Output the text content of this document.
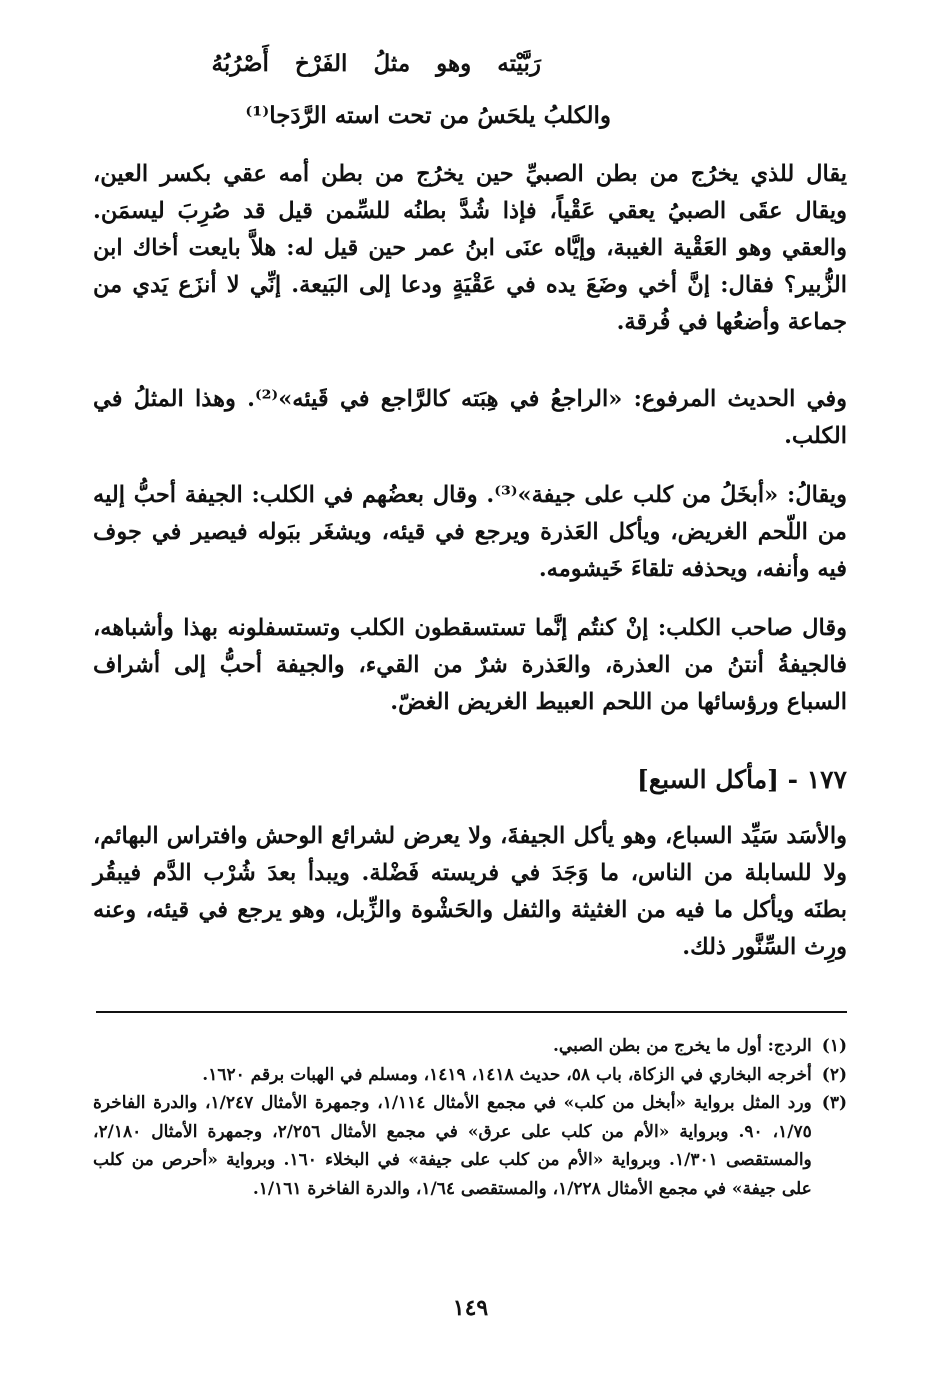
رَبَّيْته وهو مثلُ الفَرْخ أَصْرُبُهُ
والكلبُ يلحَسُ من تحت استه الرَّدَجا⁽¹⁾

يقال للذي يخرُج من بطن الصبيِّ حين يخرُج من بطن أمه عقي بكسر العين، ويقال عقَى الصبيُ يعقي عَقْياً، فإذا شُدَّ بطنُه للسِّمن قيل قد صُرِبَ ليسمَن. والعقي وهو العَقْية الغيبة، وإيَّاه عنَى ابنُ عمر حين قيل له: هلاَّ بايعت أخاك ابن الزُّبير؟ فقال: إنَّ أخي وضَعَ يده في عَقْيَةٍ ودعا إلى البَيعة. إنِّي لا أنزَع يَدي من جماعة وأضعُها في فُرقة.

وفي الحديث المرفوع: «الراجعُ في هِبَته كالرَّاجع في قَيئه»⁽²⁾. وهذا المثلُ في الكلب.

ويقالُ: «أبخَلُ من كلب على جيفة»⁽³⁾. وقال بعضُهم في الكلب: الجيفة أحبُّ إليه من اللّحم الغريض، ويأكل العَذرة ويرجع في قيئه، ويشغَر ببَوله فيصير في جوف فيه وأنفه، ويحذفه تلقاءَ خَيشومه.

وقال صاحب الكلب: إنْ كنتُم إنَّما تستسقطون الكلب وتستسفلونه بهذا وأشباهه، فالجيفةُ أنتنُ من العذرة، والعَذرة شرٌ من القيء، والجيفة أحبُّ إلى أشراف السباع ورؤسائها من اللحم العبيط الغريض الغضّ.

١٧٧ - [مأكل السبع]

والأسَد سَيِّد السباع، وهو يأكل الجيفةَ، ولا يعرض لشرائع الوحش وافتراس البهائم، ولا للسابلة من الناس، ما وَجَدَ في فريسته فَضْلة. ويبدأ بعدَ شُرْب الدَّم فيبقُر بطنَه ويأكل ما فيه من الغثيثة والثفل والحَشْوة والزِّبل، وهو يرجع في قيئه، وعنه ورِث السِّنَّور ذلك.

(١)
الردج: أول ما يخرج من بطن الصبي.
(٢)
أخرجه البخاري في الزكاة، باب ٥٨، حديث ١٤١٨، ١٤١٩، ومسلم في الهبات برقم ١٦٢٠.
(٣)
ورد المثل برواية «أبخل من كلب» في مجمع الأمثال ١/١١٤، وجمهرة الأمثال ١/٢٤٧، والدرة الفاخرة ١/٧٥، ٩٠. وبرواية «الأم من كلب على عرق» في مجمع الأمثال ٢/٢٥٦، وجمهرة الأمثال ٢/١٨٠، والمستقصى ١/٣٠١. وبرواية «الأم من كلب على جيفة» في البخلاء ١٦٠. وبرواية «أحرص من كلب على جيفة» في مجمع الأمثال ١/٢٢٨، والمستقصى ١/٦٤، والدرة الفاخرة ١/١٦١.
١٤٩
